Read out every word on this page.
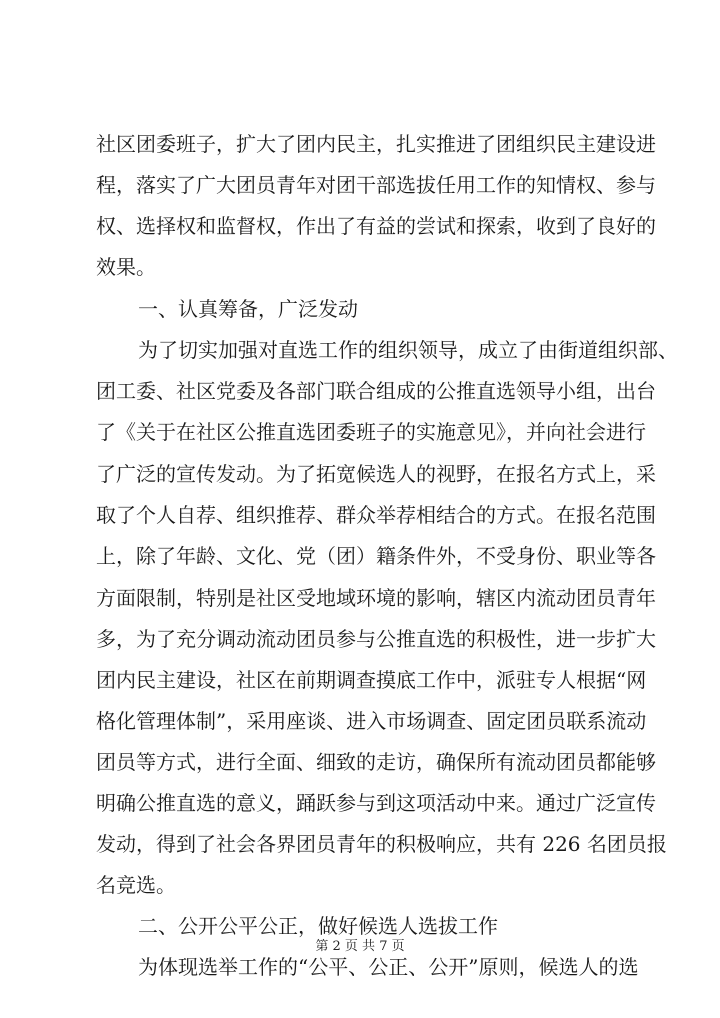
社区团委班子，扩大了团内民主，扎实推进了团组织民主建设进
程，落实了广大团员青年对团干部选拔任用工作的知情权、参与
权、选择权和监督权，作出了有益的尝试和探索，收到了良好的
效果。
一、认真筹备，广泛发动
为了切实加强对直选工作的组织领导，成立了由街道组织部、
团工委、社区党委及各部门联合组成的公推直选领导小组，出台
了《关于在社区公推直选团委班子的实施意见》，并向社会进行
了广泛的宣传发动。为了拓宽候选人的视野，在报名方式上，采
取了个人自荐、组织推荐、群众举荐相结合的方式。在报名范围
上，除了年龄、文化、党（团）籍条件外，不受身份、职业等各
方面限制，特别是社区受地域环境的影响，辖区内流动团员青年
多，为了充分调动流动团员参与公推直选的积极性，进一步扩大
团内民主建设，社区在前期调查摸底工作中，派驻专人根据“网
格化管理体制”，采用座谈、进入市场调查、固定团员联系流动
团员等方式，进行全面、细致的走访，确保所有流动团员都能够
明确公推直选的意义，踊跃参与到这项活动中来。通过广泛宣传
发动，得到了社会各界团员青年的积极响应，共有 226 名团员报
名竞选。
二、公开公平公正，做好候选人选拔工作
为体现选举工作的“公平、公正、公开”原则，候选人的选
第 2 页 共 7 页
